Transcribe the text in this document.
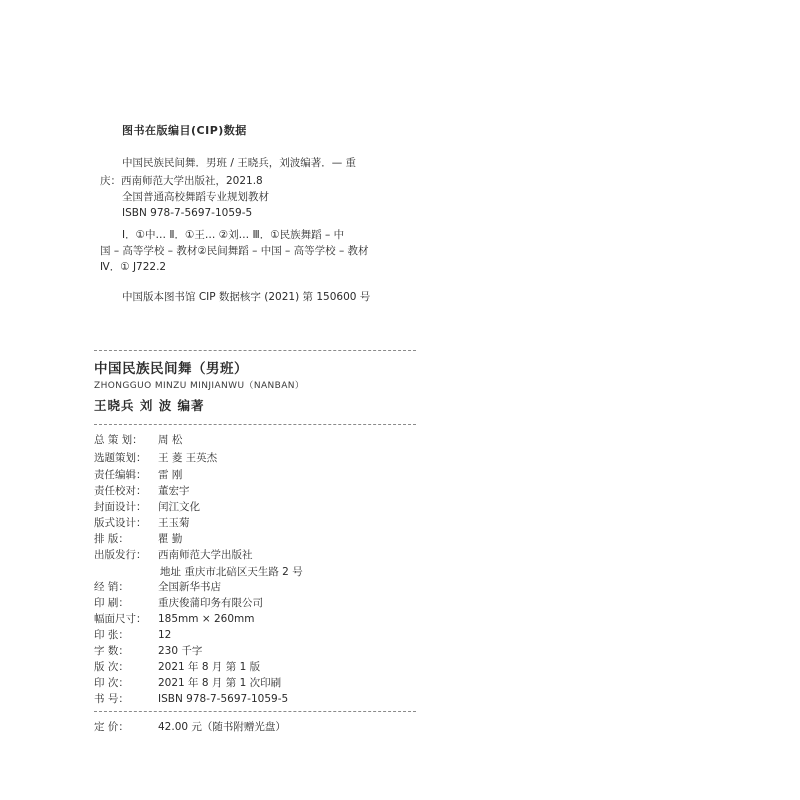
图书在版编目(CIP)数据
中国民族民间舞．男班 / 王晓兵，刘波编著．— 重
庆：西南师范大学出版社，2021.8
全国普通高校舞蹈专业规划教材
ISBN 978-7-5697-1059-5
Ⅰ．①中… Ⅱ．①王… ②刘… Ⅲ．①民族舞蹈 – 中
国 – 高等学校 – 教材②民间舞蹈 – 中国 – 高等学校 – 教材
Ⅳ．① J722.2
中国版本图书馆 CIP 数据核字 (2021) 第 150600 号
中国民族民间舞（男班）
ZHONGGUO MINZU MINJIANWU（NANBAN）
王晓兵 刘 波 编著
总 策 划： 周 松
选题策划： 王 菱 王英杰
责任编辑： 雷 刚
责任校对： 董宏宇
封面设计： 闰江文化
版式设计： 王玉菊
排 版：	瞿 勤
出版发行： 西南师范大学出版社
地址 重庆市北碚区天生路 2 号
经 销：	全国新华书店
印 刷：	重庆俊蒲印务有限公司
幅面尺寸： 185mm × 260mm
印 张：	12
字 数：	230 千字
版 次：	2021 年 8 月 第 1 版
印 次：	2021 年 8 月 第 1 次印刷
书 号：	ISBN 978-7-5697-1059-5
定 价：	42.00 元（随书附赠光盘）
